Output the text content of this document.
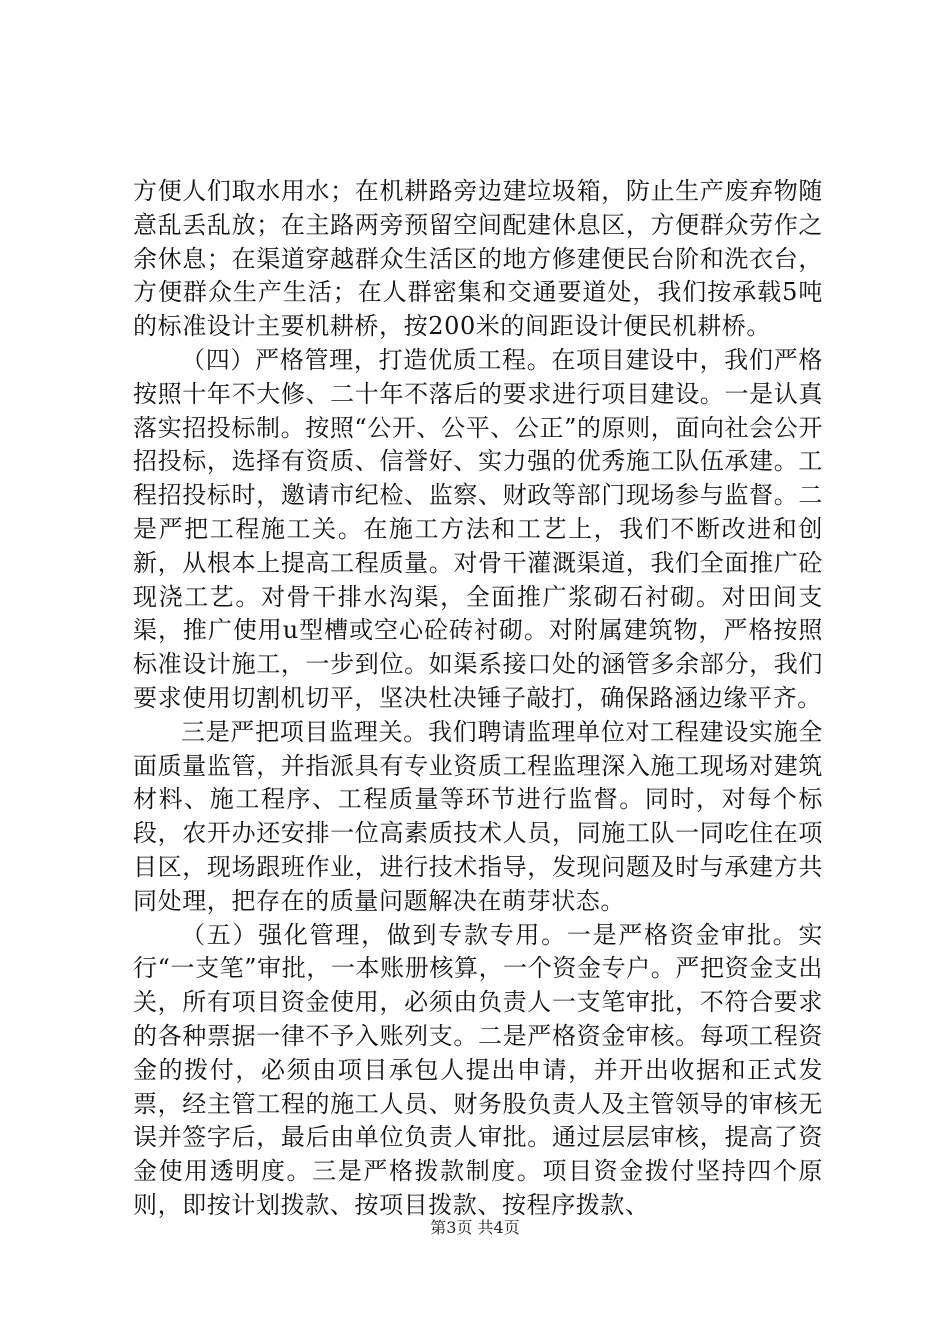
方便人们取水用水；在机耕路旁边建垃圾箱，防止生产废弃物随意乱丢乱放；在主路两旁预留空间配建休息区，方便群众劳作之余休息；在渠道穿越群众生活区的地方修建便民台阶和洗衣台，方便群众生产生活；在人群密集和交通要道处，我们按承载5吨的标准设计主要机耕桥，按200米的间距设计便民机耕桥。

（四）严格管理，打造优质工程。在项目建设中，我们严格按照十年不大修、二十年不落后的要求进行项目建设。一是认真落实招投标制。按照“公开、公平、公正”的原则，面向社会公开招投标，选择有资质、信誉好、实力强的优秀施工队伍承建。工程招投标时，邀请市纪检、监察、财政等部门现场参与监督。二是严把工程施工关。在施工方法和工艺上，我们不断改进和创新，从根本上提高工程质量。对骨干灌溉渠道，我们全面推广砼现浇工艺。对骨干排水沟渠，全面推广浆砌石衬砌。对田间支渠，推广使用u型槽或空心砼砖衬砌。对附属建筑物，严格按照标准设计施工，一步到位。如渠系接口处的涵管多余部分，我们要求使用切割机切平，坚决杜决锤子敲打，确保路涵边缘平齐。

三是严把项目监理关。我们聘请监理单位对工程建设实施全面质量监管，并指派具有专业资质工程监理深入施工现场对建筑材料、施工程序、工程质量等环节进行监督。同时，对每个标段，农开办还安排一位高素质技术人员，同施工队一同吃住在项目区，现场跟班作业，进行技术指导，发现问题及时与承建方共同处理，把存在的质量问题解决在萌芽状态。

（五）强化管理，做到专款专用。一是严格资金审批。实行“一支笔”审批，一本账册核算，一个资金专户。严把资金支出关，所有项目资金使用，必须由负责人一支笔审批，不符合要求的各种票据一律不予入账列支。二是严格资金审核。每项工程资金的拨付，必须由项目承包人提出申请，并开出收据和正式发票，经主管工程的施工人员、财务股负责人及主管领导的审核无误并签字后，最后由单位负责人审批。通过层层审核，提高了资金使用透明度。三是严格拨款制度。项目资金拨付坚持四个原则，即按计划拨款、按项目拨款、按程序拨款、

第3页 共4页
